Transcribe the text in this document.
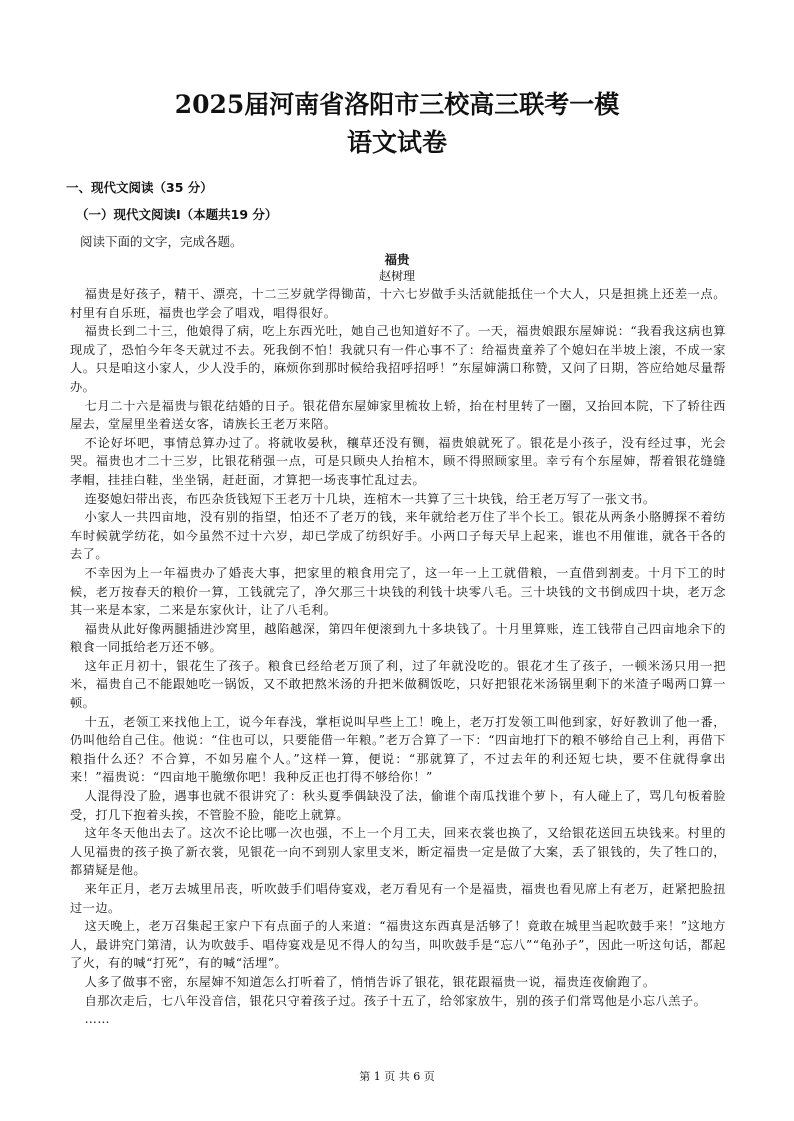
2025届河南省洛阳市三校高三联考一模
语文试卷
一、现代文阅读（35 分）
（一）现代文阅读Ⅰ（本题共19 分）
阅读下面的文字，完成各题。
福贵
赵树理

福贵是好孩子，精干、漂亮，十二三岁就学得锄苗，十六七岁做手头活就能抵住一个大人，只是担挑上还差一点。村里有自乐班，福贵也学会了唱戏，唱得很好。

福贵长到二十三，他娘得了病，吃上东西光吐，她自己也知道好不了。一天，福贵娘跟东屋婶说：“我看我这病也算现成了，恐怕今年冬天就过不去。死我倒不怕！我就只有一件心事不了：给福贵童养了个媳妇在半坡上滚，不成一家人。只是咱这小家人，少人没手的，麻烦你到那时候给我招呼招呼！”东屋婶满口称赞，又问了日期，答应给她尽量帮办。

七月二十六是福贵与银花结婚的日子。银花借东屋婶家里梳妆上轿，抬在村里转了一圈，又抬回本院，下了轿往西屋去，堂屋里坐着送女客，请族长王老万来陪。

不论好坏吧，事情总算办过了。将就收晏秋，穰草还没有铡，福贵娘就死了。银花是小孩子，没有经过事，光会哭。福贵也才二十三岁，比银花稍强一点，可是只顾央人抬棺木，顾不得照顾家里。幸亏有个东屋婶，帮着银花缝缝孝帽，挂挂白鞋，坐坐锅，赶赶面，才算把一场丧事忙乱过去。

连娶媳妇带出丧，布匹杂货钱短下王老万十几块，连棺木一共算了三十块钱，给王老万写了一张文书。

小家人一共四亩地，没有别的指望，怕还不了老万的钱，来年就给老万住了半个长工。银花从两条小胳膊探不着纺车时候就学纺花，如今虽然不过十六岁，却已学成了纺织好手。小两口子每天早上起来，谁也不用催谁，就各干各的去了。

不幸因为上一年福贵办了婚丧大事，把家里的粮食用完了，这一年一上工就借粮，一直借到割麦。十月下工的时候，老万按春天的粮价一算，工钱就完了，净欠那三十块钱的利钱十块零八毛。三十块钱的文书倒成四十块，老万念其一来是本家，二来是东家伙计，让了八毛利。

福贵从此好像两腿插进沙窝里，越陷越深，第四年便滚到九十多块钱了。十月里算账，连工钱带自己四亩地余下的粮食一同抵给老万还不够。

这年正月初十，银花生了孩子。粮食已经给老万顶了利，过了年就没吃的。银花才生了孩子，一顿米汤只用一把米，福贵自己不能跟她吃一锅饭，又不敢把熬米汤的升把米做稠饭吃，只好把银花米汤锅里剩下的米渣子喝两口算一顿。

十五，老领工来找他上工，说今年春浅，掌柜说叫早些上工！晚上，老万打发领工叫他到家，好好教训了他一番，仍叫他给自己住。他说：“住也可以，只要能借一年粮。”老万合算了一下：“四亩地打下的粮不够给自己上利，再借下粮指什么还？不合算，不如另雇个人。”这样一算，便说：“那就算了，不过去年的利还短七块，要不住就得拿出来！”福贵说：“四亩地干脆缴你吧！我种反正也打得不够给你！”

人混得没了脸，遇事也就不很讲究了：秋头夏季偶缺没了法，偷谁个南瓜找谁个萝卜，有人碰上了，骂几句板着脸受，打几下抱着头挨，不管脸不脸，能吃上就算。

这年冬天他出去了。这次不论比哪一次也强，不上一个月工夫，回来衣裳也换了，又给银花送回五块钱来。村里的人见福贵的孩子换了新衣裳，见银花一向不到别人家里支米，断定福贵一定是做了大案，丢了银钱的，失了牲口的，都猜疑是他。

来年正月，老万去城里吊丧，听吹鼓手们唱侍宴戏，老万看见有一个是福贵，福贵也看见席上有老万，赶紧把脸扭过一边。

这天晚上，老万召集起王家户下有点面子的人来道：“福贵这东西真是活够了！竟敢在城里当起吹鼓手来！”这地方人，最讲究门第清，认为吹鼓手、唱侍宴戏是见不得人的勾当，叫吹鼓手是“忘八”“龟孙子”，因此一听这句话，都起了火，有的喊“打死”，有的喊“活埋”。

人多了做事不密，东屋婶不知道怎么打听着了，悄悄告诉了银花，银花跟福贵一说，福贵连夜偷跑了。

自那次走后，七八年没音信，银花只守着孩子过。孩子十五了，给邻家放牛，别的孩子们常骂他是小忘八羔子。

……

第 1 页 共 6 页
